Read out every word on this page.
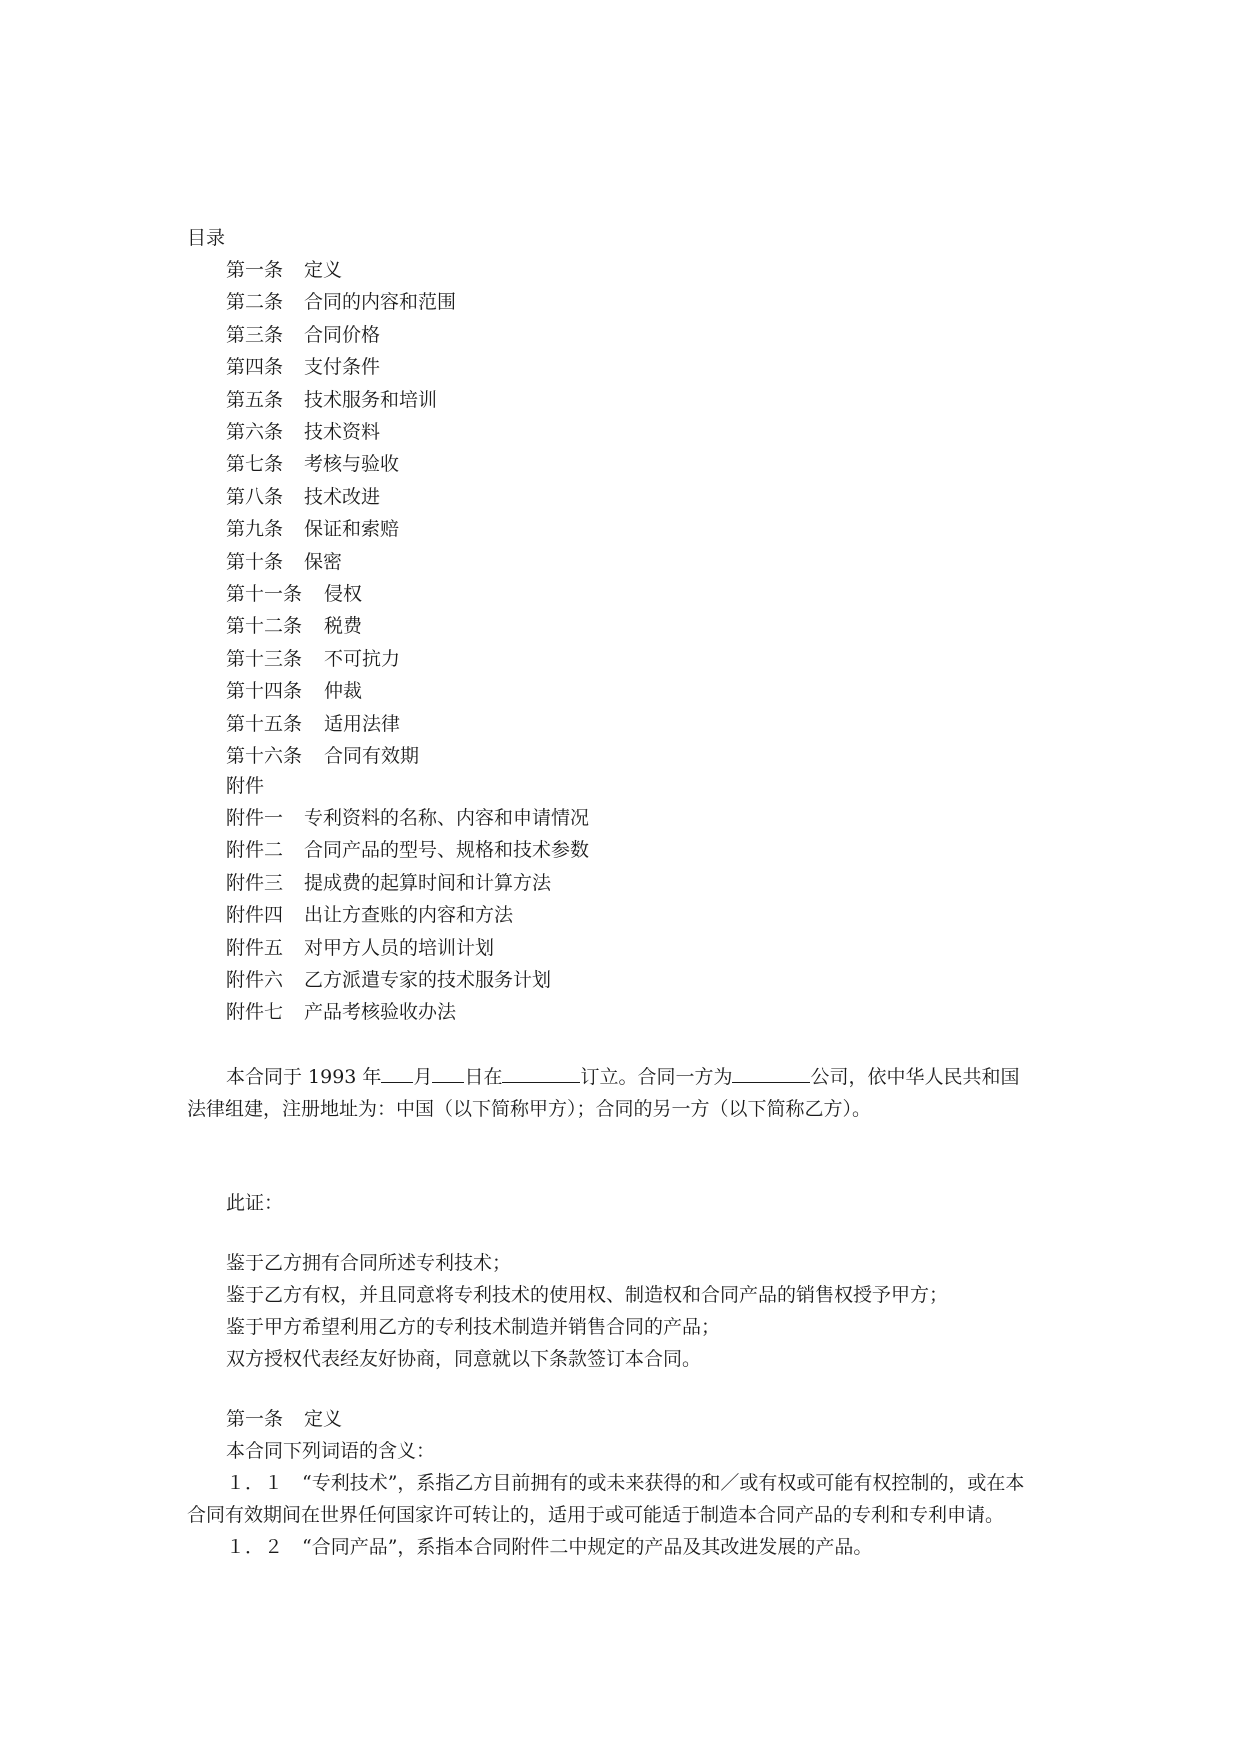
目录
第一条 定义
第二条 合同的内容和范围
第三条 合同价格
第四条 支付条件
第五条 技术服务和培训
第六条 技术资料
第七条 考核与验收
第八条 技术改进
第九条 保证和索赔
第十条 保密
第十一条 侵权
第十二条 税费
第十三条 不可抗力
第十四条 仲裁
第十五条 适用法律
第十六条 合同有效期
附件
附件一 专利资料的名称、内容和申请情况
附件二 合同产品的型号、规格和技术参数
附件三 提成费的起算时间和计算方法
附件四 出让方查账的内容和方法
附件五 对甲方人员的培训计划
附件六 乙方派遣专家的技术服务计划
附件七 产品考核验收办法
本合同于 1993 年 月 日在	订立。合同一方为	公司，依中华人民共和国
法律组建，注册地址为：中国（以下简称甲方）；合同的另一方（以下简称乙方）。
此证：
鉴于乙方拥有合同所述专利技术；
鉴于乙方有权，并且同意将专利技术的使用权、制造权和合同产品的销售权授予甲方；
鉴于甲方希望利用乙方的专利技术制造并销售合同的产品；
双方授权代表经友好协商，同意就以下条款签订本合同。
第一条 定义
本合同下列词语的含义：
１．１　“专利技术”，系指乙方目前拥有的或未来获得的和／或有权或可能有权控制的，或在本
合同有效期间在世界任何国家许可转让的，适用于或可能适于制造本合同产品的专利和专利申请。
１．２　“合同产品”，系指本合同附件二中规定的产品及其改进发展的产品。
